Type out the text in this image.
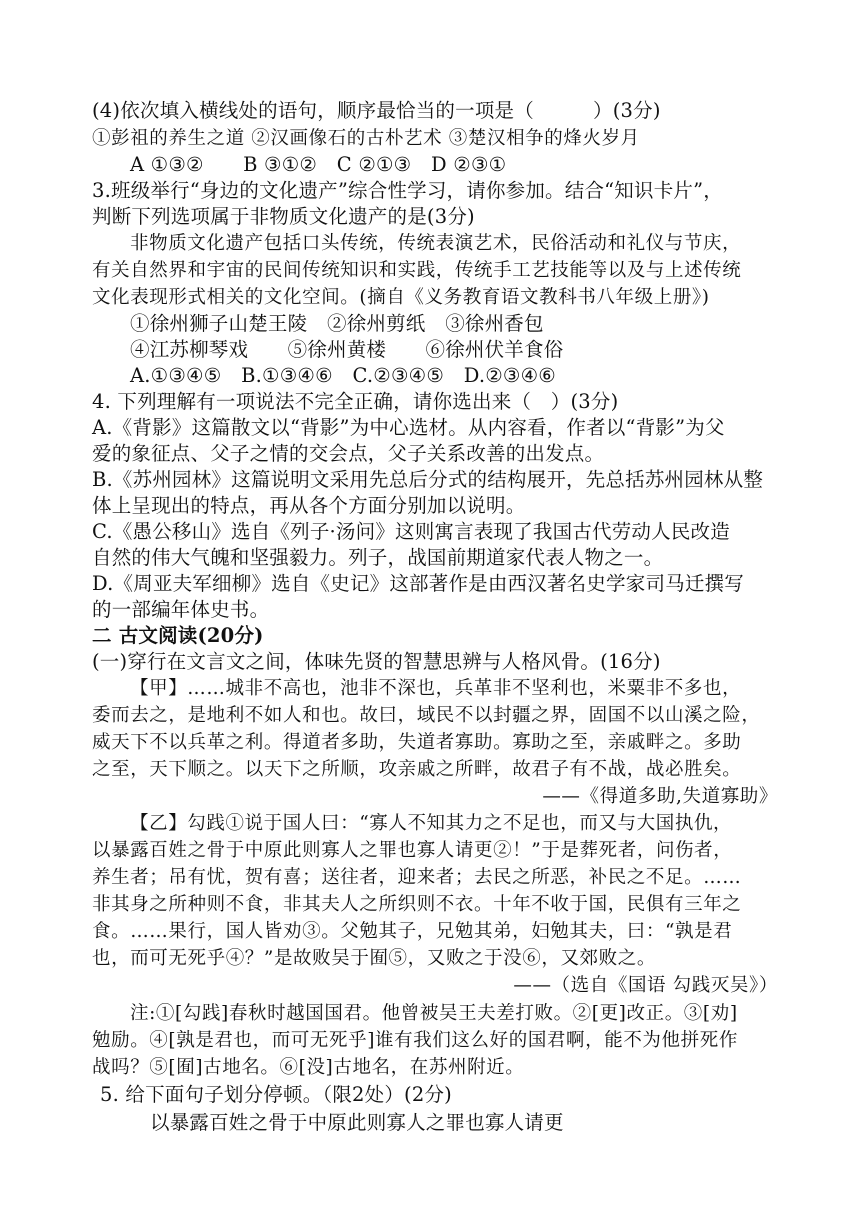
(4)依次填入横线处的语句，顺序最恰当的一项是（　　　）(3分)
①彭祖的养生之道 ②汉画像石的古朴艺术 ③楚汉相争的烽火岁月
A ①③②　　B ③①②　C ②①③　D ②③①
3.班级举行“身边的文化遗产”综合性学习，请你参加。结合“知识卡片”，
判断下列选项属于非物质文化遗产的是(3分)
非物质文化遗产包括口头传统，传统表演艺术，民俗活动和礼仪与节庆，
有关自然界和宇宙的民间传统知识和实践，传统手工艺技能等以及与上述传统
文化表现形式相关的文化空间。(摘自《义务教育语文教科书八年级上册》)
①徐州狮子山楚王陵　②徐州剪纸　③徐州香包
④江苏柳琴戏　　⑤徐州黄楼　　⑥徐州伏羊食俗
A.①③④⑤　B.①③④⑥　C.②③④⑤　D.②③④⑥
4. 下列理解有一项说法不完全正确，请你选出来（　）(3分)
A.《背影》这篇散文以“背影”为中心选材。从内容看，作者以“背影”为父
爱的象征点、父子之情的交会点，父子关系改善的出发点。
B.《苏州园林》这篇说明文采用先总后分式的结构展开，先总括苏州园林从整
体上呈现出的特点，再从各个方面分别加以说明。
C.《愚公移山》选自《列子·汤问》这则寓言表现了我国古代劳动人民改造
自然的伟大气魄和坚强毅力。列子，战国前期道家代表人物之一。
D.《周亚夫军细柳》选自《史记》这部著作是由西汉著名史学家司马迁撰写
的一部编年体史书。
二 古文阅读(20分)
(一)穿行在文言文之间，体味先贤的智慧思辨与人格风骨。(16分)
【甲】……城非不高也，池非不深也，兵革非不坚利也，米粟非不多也，
委而去之，是地利不如人和也。故曰，域民不以封疆之界，固国不以山溪之险，
威天下不以兵革之利。得道者多助，失道者寡助。寡助之至，亲戚畔之。多助
之至，天下顺之。以天下之所顺，攻亲戚之所畔，故君子有不战，战必胜矣。
——《得道多助,失道寡助》
【乙】勾践①说于国人曰：“寡人不知其力之不足也，而又与大国执仇，
以暴露百姓之骨于中原此则寡人之罪也寡人请更②！”于是葬死者，问伤者，
养生者；吊有忧，贺有喜；送往者，迎来者；去民之所恶，补民之不足。……
非其身之所种则不食，非其夫人之所织则不衣。十年不收于国，民俱有三年之
食。……果行，国人皆劝③。父勉其子，兄勉其弟，妇勉其夫，曰：“孰是君
也，而可无死乎④？”是故败吴于囿⑤，又败之于没⑥，又郊败之。
——（选自《国语 勾践灭吴》）
注:①[勾践]春秋时越国国君。他曾被吴王夫差打败。②[更]改正。③[劝]
勉励。④[孰是君也，而可无死乎]谁有我们这么好的国君啊，能不为他拼死作
战吗？⑤[囿]古地名。⑥[没]古地名，在苏州附近。
5. 给下面句子划分停顿。（限2处）(2分)
以暴露百姓之骨于中原此则寡人之罪也寡人请更
